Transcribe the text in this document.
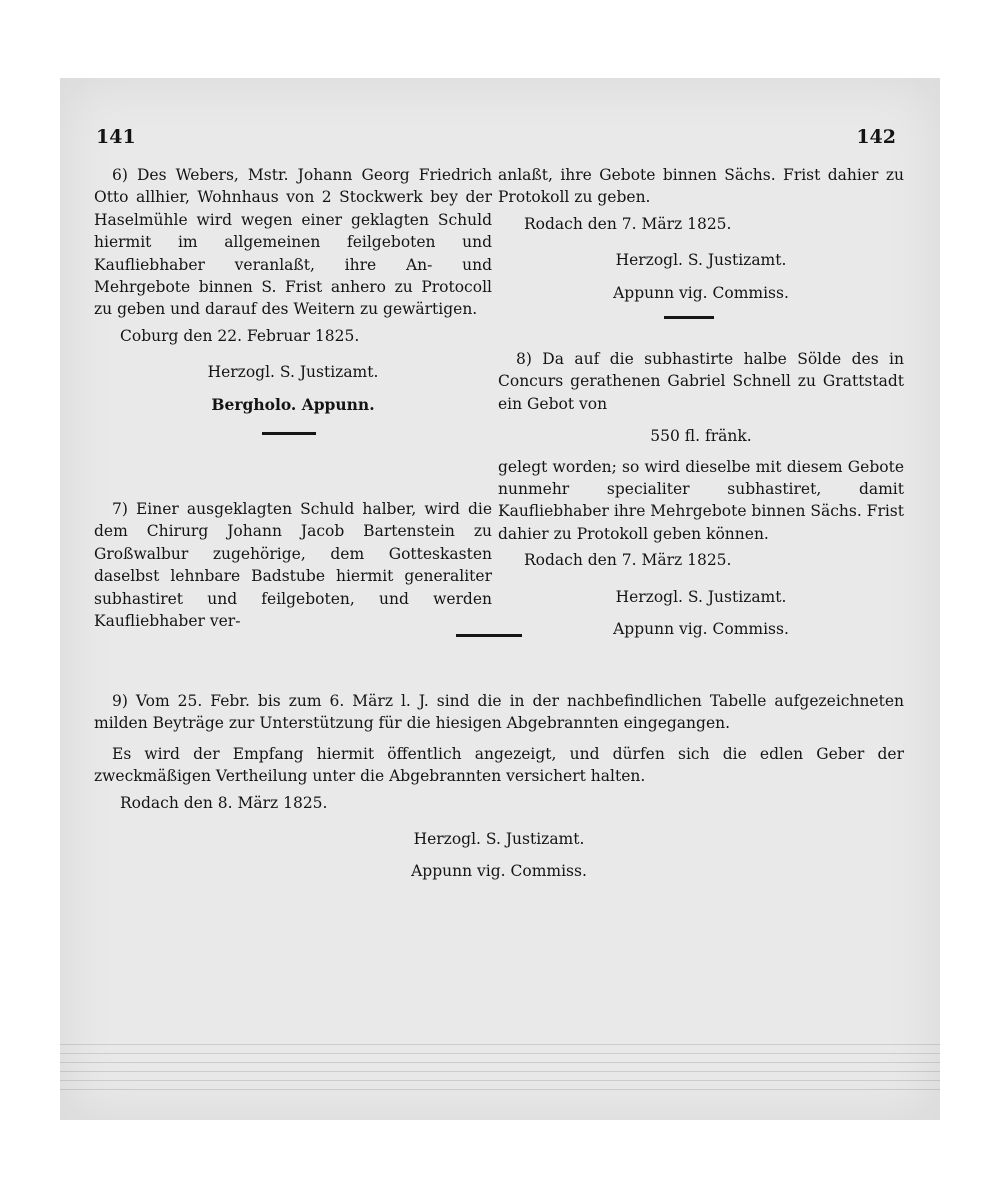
141	142

6) Des Webers, Mstr. Johann Georg Friedrich Otto allhier, Wohnhaus von 2 Stockwerk bey der Haselmühle wird wegen einer geklagten Schuld hiermit im allgemeinen feilgeboten und Kaufliebhaber veranlaßt, ihre An- und Mehrgebote binnen S. Frist anhero zu Protocoll zu geben und darauf des Weitern zu gewärtigen.

Coburg den 22. Februar 1825.

Herzogl. S. Justizamt.

Bergholo. Appunn.

7) Einer ausgeklagten Schuld halber, wird die dem Chirurg Johann Jacob Bartenstein zu Großwalbur zugehörige, dem Gotteskasten daselbst lehnbare Badstube hiermit generaliter subhastiret und feilgeboten, und werden Kaufliebhaber ver-

anlaßt, ihre Gebote binnen Sächs. Frist dahier zu Protokoll zu geben.

Rodach den 7. März 1825.

Herzogl. S. Justizamt.

Appunn vig. Commiss.

8) Da auf die subhastirte halbe Sölde des in Concurs gerathenen Gabriel Schnell zu Grattstadt ein Gebot von

550 fl. fränk.

gelegt worden; so wird dieselbe mit diesem Gebote nunmehr specialiter subhastiret, damit Kaufliebhaber ihre Mehrgebote binnen Sächs. Frist dahier zu Protokoll geben können.

Rodach den 7. März 1825.

Herzogl. S. Justizamt.

Appunn vig. Commiss.

9) Vom 25. Febr. bis zum 6. März l. J. sind die in der nachbefindlichen Tabelle aufgezeichneten milden Beyträge zur Unterstützung für die hiesigen Abgebrannten eingegangen.

Es wird der Empfang hiermit öffentlich angezeigt, und dürfen sich die edlen Geber der zweckmäßigen Vertheilung unter die Abgebrannten versichert halten.

Rodach den 8. März 1825.

Herzogl. S. Justizamt.

Appunn vig. Commiss.
